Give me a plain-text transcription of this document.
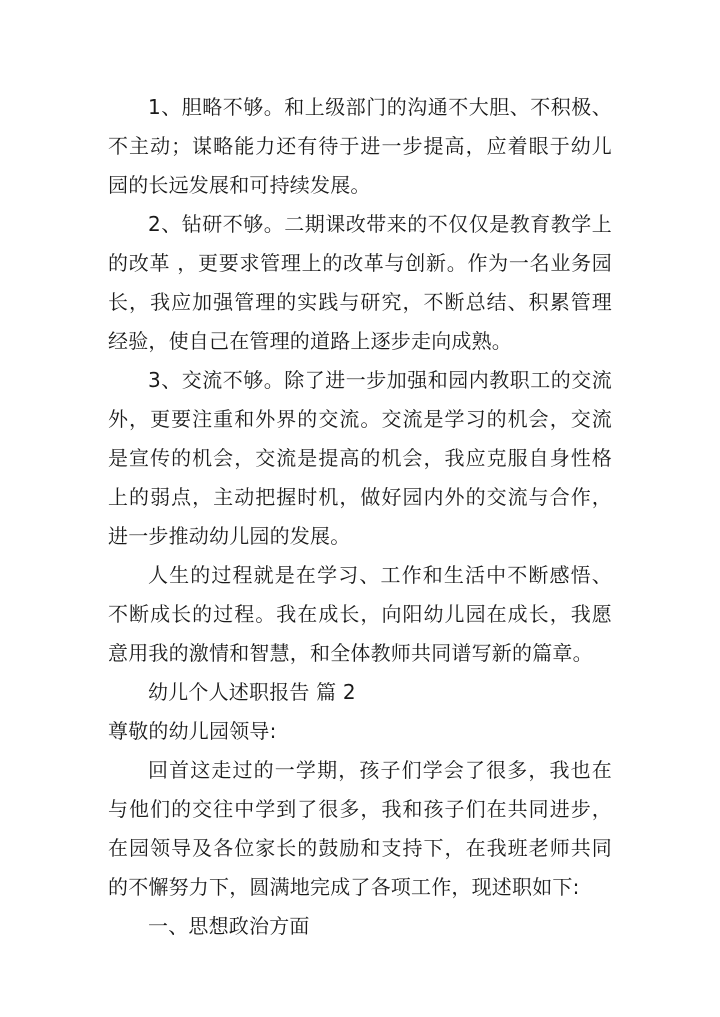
1、胆略不够。和上级部门的沟通不大胆、不积极、不主动；谋略能力还有待于进一步提高，应着眼于幼儿园的长远发展和可持续发展。

2、钻研不够。二期课改带来的不仅仅是教育教学上的改革 ，更要求管理上的改革与创新。作为一名业务园长，我应加强管理的实践与研究，不断总结、积累管理经验，使自己在管理的道路上逐步走向成熟。

3、交流不够。除了进一步加强和园内教职工的交流外，更要注重和外界的交流。交流是学习的机会，交流是宣传的机会，交流是提高的机会，我应克服自身性格上的弱点，主动把握时机，做好园内外的交流与合作，进一步推动幼儿园的发展。

人生的过程就是在学习、工作和生活中不断感悟、不断成长的过程。我在成长，向阳幼儿园在成长，我愿意用我的激情和智慧，和全体教师共同谱写新的篇章。

幼儿个人述职报告 篇 2

尊敬的幼儿园领导:

回首这走过的一学期，孩子们学会了很多，我也在与他们的交往中学到了很多，我和孩子们在共同进步，在园领导及各位家长的鼓励和支持下，在我班老师共同的不懈努力下，圆满地完成了各项工作，现述职如下:

一、思想政治方面
